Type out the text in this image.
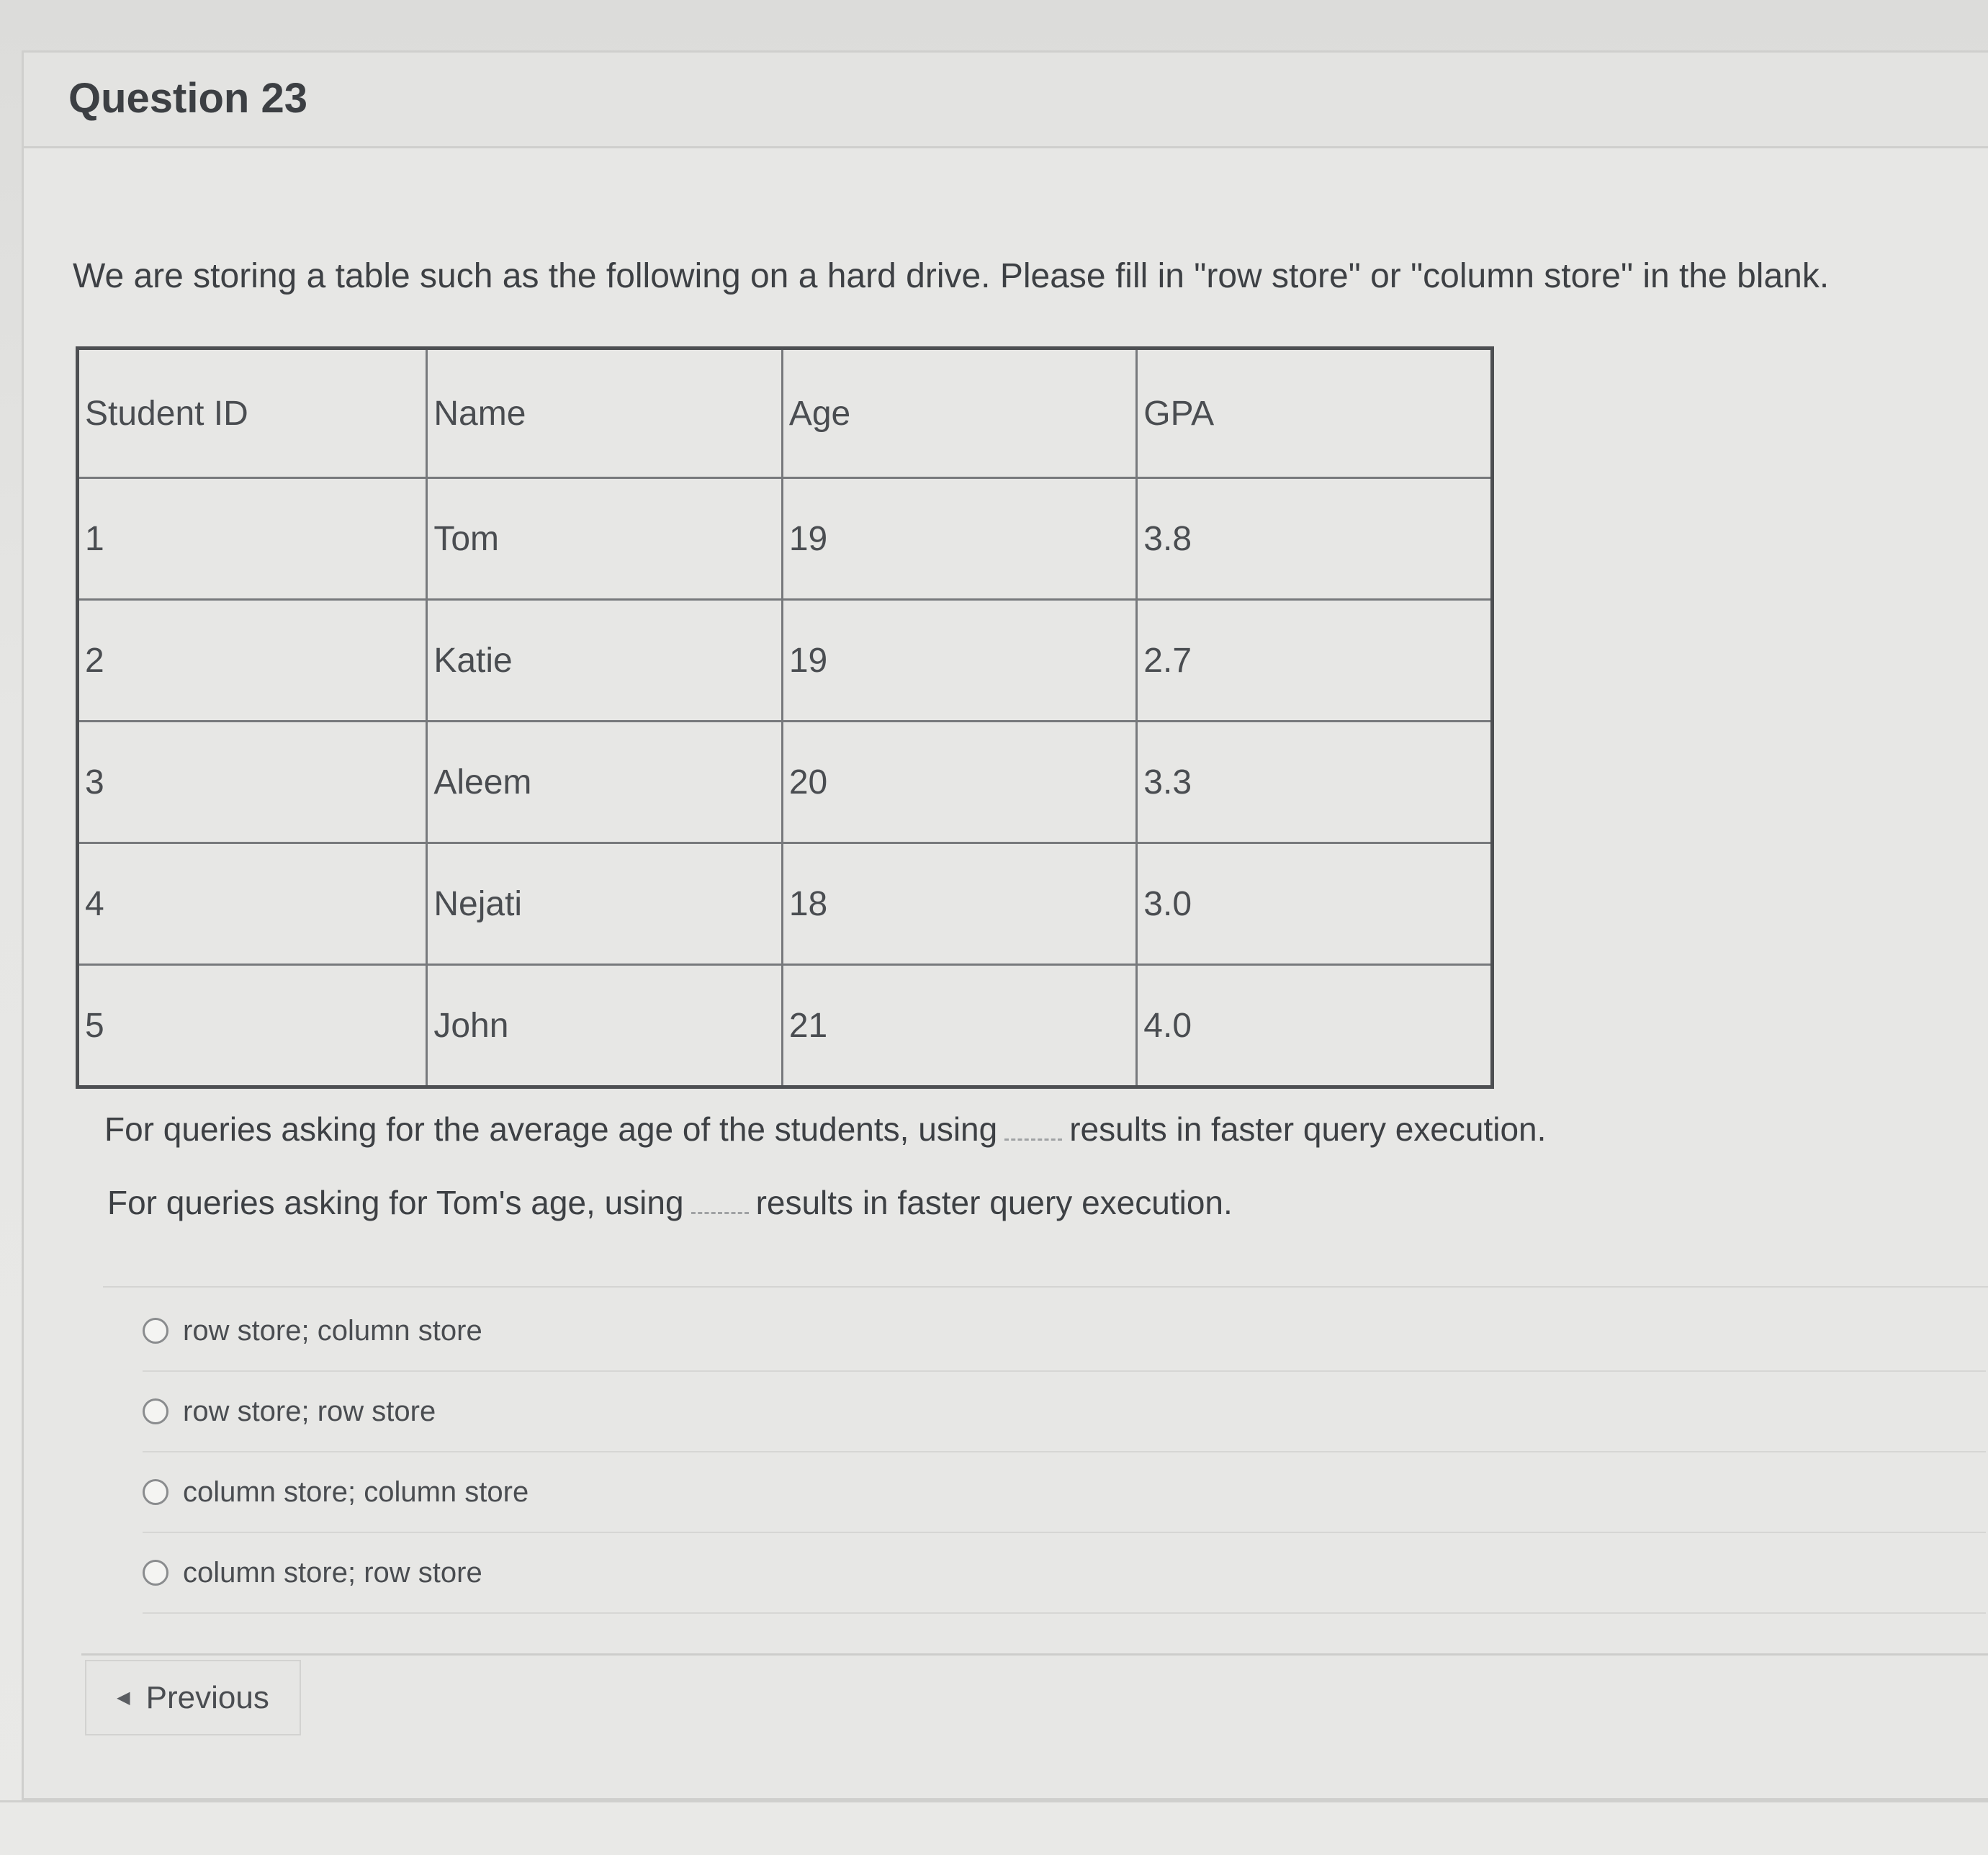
Question 23
We are storing a table such as the following on a hard drive. Please fill in "row store" or "column store" in the blank.
Student ID	Name	Age	GPA
1	Tom	19	3.8
2	Katie	19	2.7
3	Aleem	20	3.3
4	Nejati	18	3.0
5	John	21	4.0
For queries asking for the average age of the students, using results in faster query execution.
For queries asking for Tom's age, using results in faster query execution.
row store; column store
row store; row store
column store; column store
column store; row store
◀ Previous
